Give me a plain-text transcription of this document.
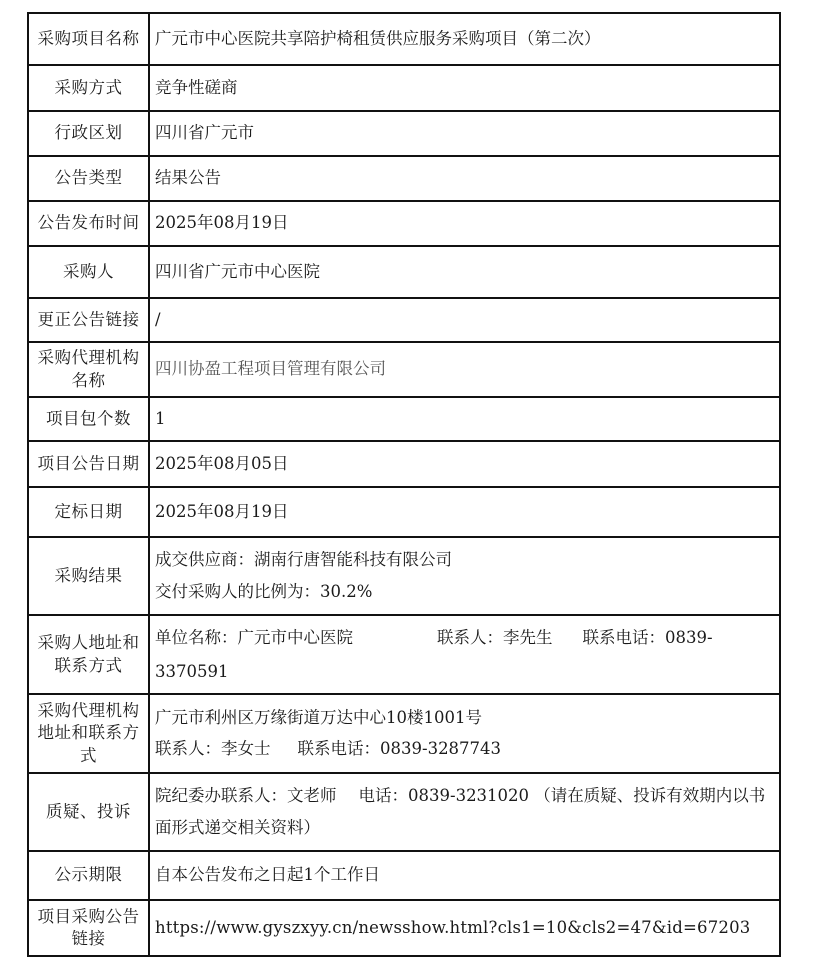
采购项目名称	广元市中心医院共享陪护椅租赁供应服务采购项目（第二次）
采购方式	竞争性磋商
行政区划	四川省广元市
公告类型	结果公告
公告发布时间	2025年08月19日
采购人	四川省广元市中心医院
更正公告链接	/

采购代理机构
名称	四川协盈工程项目管理有限公司
项目包个数	1
项目公告日期	2025年08月05日
定标日期	2025年08月19日
采购结果	成交供应商：湖南行唐智能科技有限公司
交付采购人的比例为：30.2%

采购人地址和
联系方式	单位名称：广元市中心医院 联系人：李先生 联系电话：0839-3370591

采购代理机构
地址和联系方
式	广元市利州区万缘街道万达中心10楼1001号
联系人：李女士 联系电话：0839-3287743

质疑、投诉	院纪委办联系人：文老师 电话：0839-3231020 （请在质疑、投诉有效期内以书面形式递交相关资料）
公示期限	自本公告发布之日起1个工作日

项目采购公告
链接	https://www.gyszxyy.cn/newsshow.html?cls1=10&cls2=47&id=67203
